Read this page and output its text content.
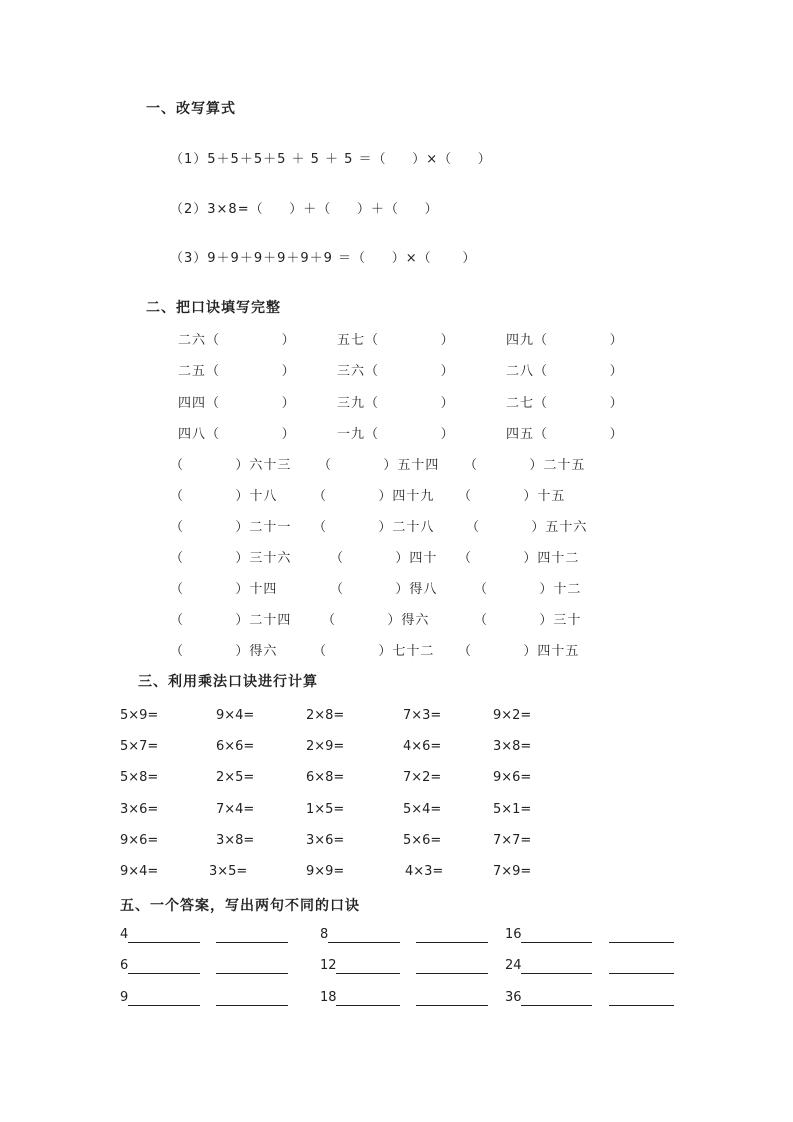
一、改写算式
（1）5＋5＋5＋5 ＋ 5 ＋ 5 ＝（     ）×（     ）
（2）3×8=（     ）＋（     ）＋（     ）
（3）9＋9＋9＋9＋9＋9 ＝（     ）×（      ）
二、把口诀填写完整
二六（            ）	五七（            ）	四九（            ）
二五（            ）	三六（            ）	二八（            ）
四四（            ）	三九（            ）	二七（            ）
四八（            ）	一九（            ）	四五（            ）
（          ）六十三 （          ）五十四 （          ）二十五
（          ）十八	（          ）四十九 （          ）十五
（          ）二十一 （          ）二十八 （          ）五十六
（          ）三十六	（          ）四十 （          ）四十二
（          ）十四	（          ）得八	（          ）十二
（          ）二十四 （          ）得六	（          ）三十
（          ）得六	（          ）七十二 （          ）四十五
三、利用乘法口诀进行计算
5×9=	9×4=	2×8=	7×3=	9×2=
5×7=	6×6=	2×9=	4×6=	3×8=
5×8=	2×5=	6×8=	7×2=	9×6=
3×6=	7×4=	1×5=	5×4=	5×1=
9×6=	3×8=	3×6=	5×6=	7×7=
9×4=	3×5=	9×9=	4×3=	7×9=
五、一个答案，写出两句不同的口诀
4	8	16
6	12	24
9	18	36
